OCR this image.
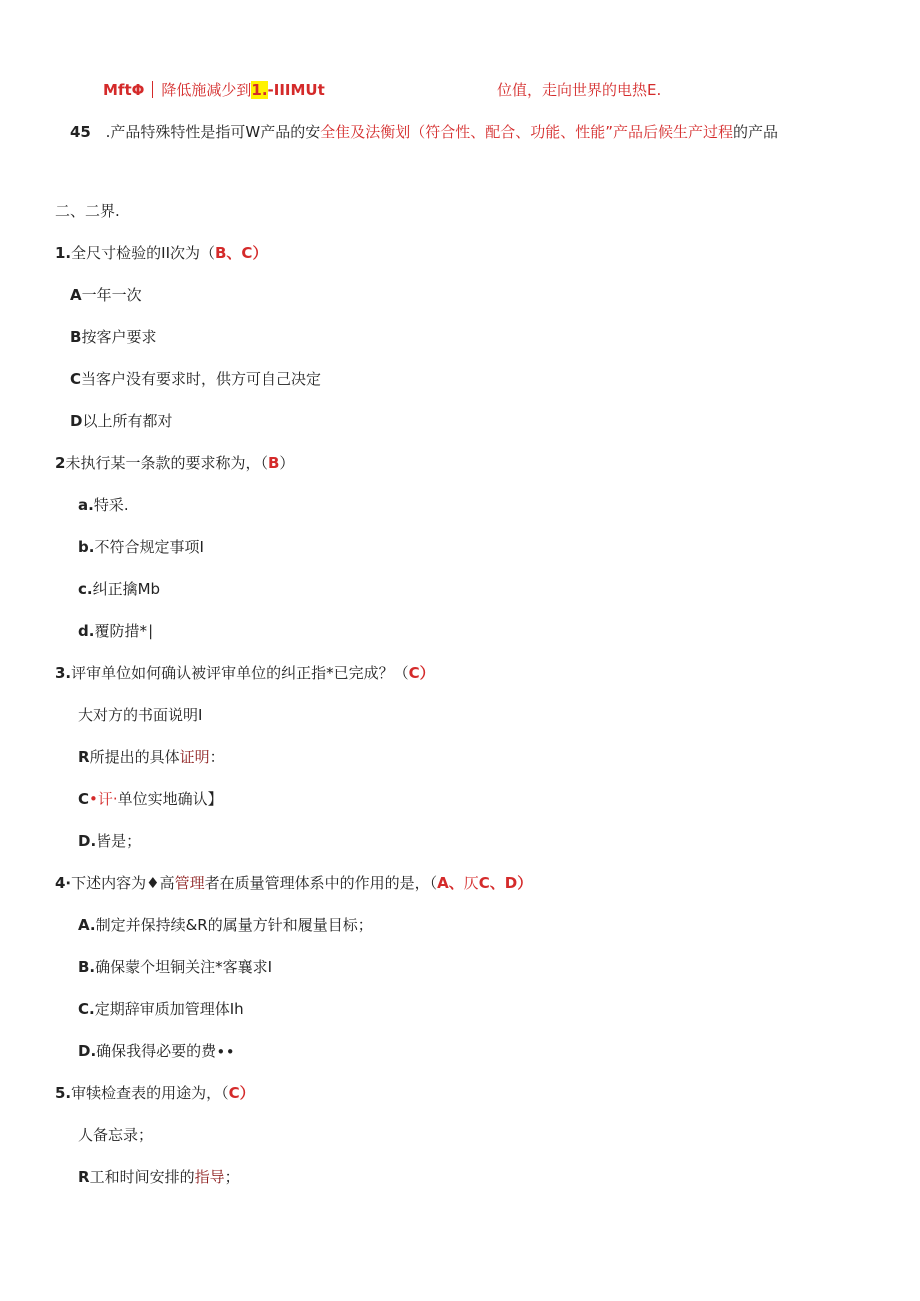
MftΦ 降低施减少到1.-IIIMUt	位值，走向世界的电热E.
45 .产品特殊特性是指可W产品的安全隹及法衡划（符合性、配合、功能、性能”产品后候生产过程的产品
二、二界.
1.全尺寸检验的II次为（B、C）
A一年一次
B按客户要求
C当客户没有要求时，供方可自己决定
D以上所有都对
2未执行某一条款的要求称为，（B）
a.特采.
b.不符合规定事项I
c.纠正擒Mb
d.覆防措*∣
3.评审单位如何确认被评审单位的纠正指*已完成？（C）
大对方的书面说明I
R所提出的具体证明：
C•讦·单位实地确认】
D.皆是；
4∙下述内容为♦高管理者在质量管理体系中的作用的是，（A、仄C、D）
A.制定并保持续&R的属量方针和履量目标；
B.确保蒙个坦铜关注*客襄求I
C.定期辞审质加管理体Ih
D.确保我得必要的费∙∙
5.审犊检查表的用途为，（C）
人备忘录；
R工和时间安排的指导；
